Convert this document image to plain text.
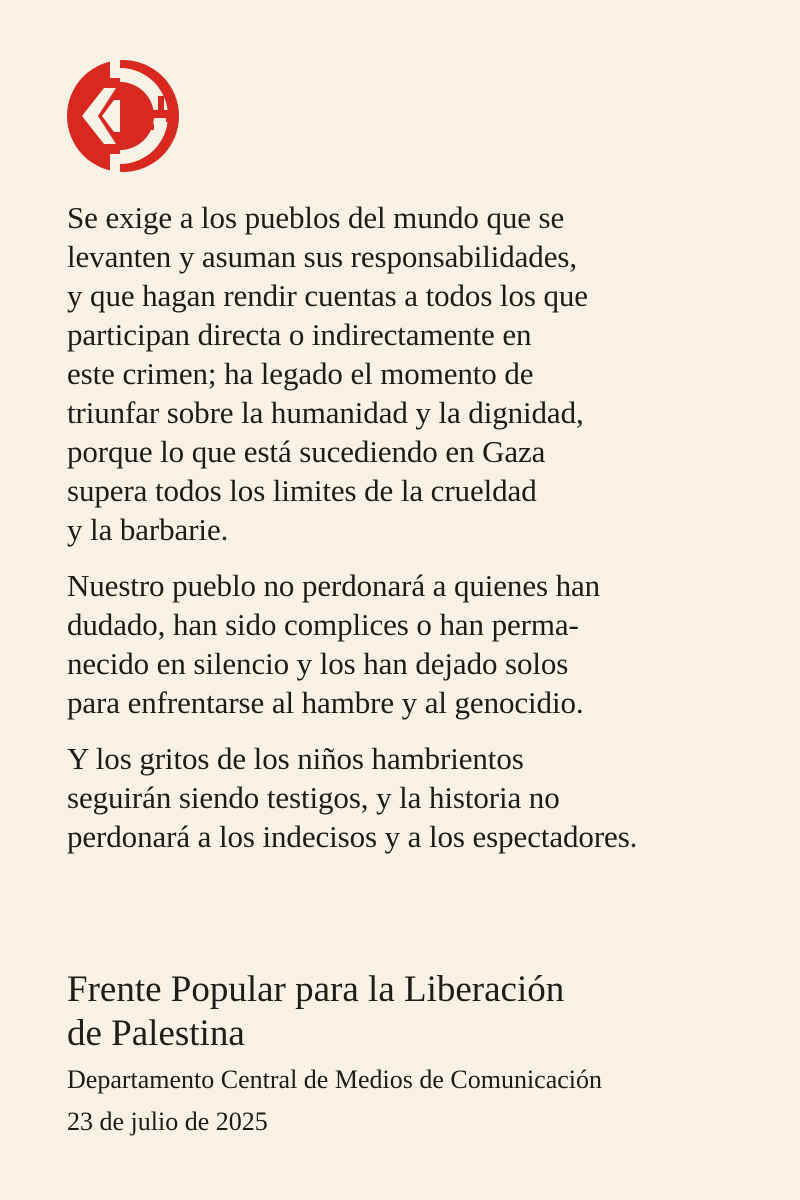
Se exige a los pueblos del mundo que se
levanten y asuman sus responsabilidades,
y que hagan rendir cuentas a todos los que
participan directa o indirectamente en
este crimen; ha legado el momento de
triunfar sobre la humanidad y la dignidad,
porque lo que está sucediendo en Gaza
supera todos los limites de la crueldad
y la barbarie.

Nuestro pueblo no perdonará a quienes han
dudado, han sido complices o han perma-
necido en silencio y los han dejado solos
para enfrentarse al hambre y al genocidio.

Y los gritos de los niños hambrientos
seguirán siendo testigos, y la historia no
perdonará a los indecisos y a los espectadores.

Frente Popular para la Liberación
de Palestina

Departamento Central de Medios de Comunicación

23 de julio de 2025
